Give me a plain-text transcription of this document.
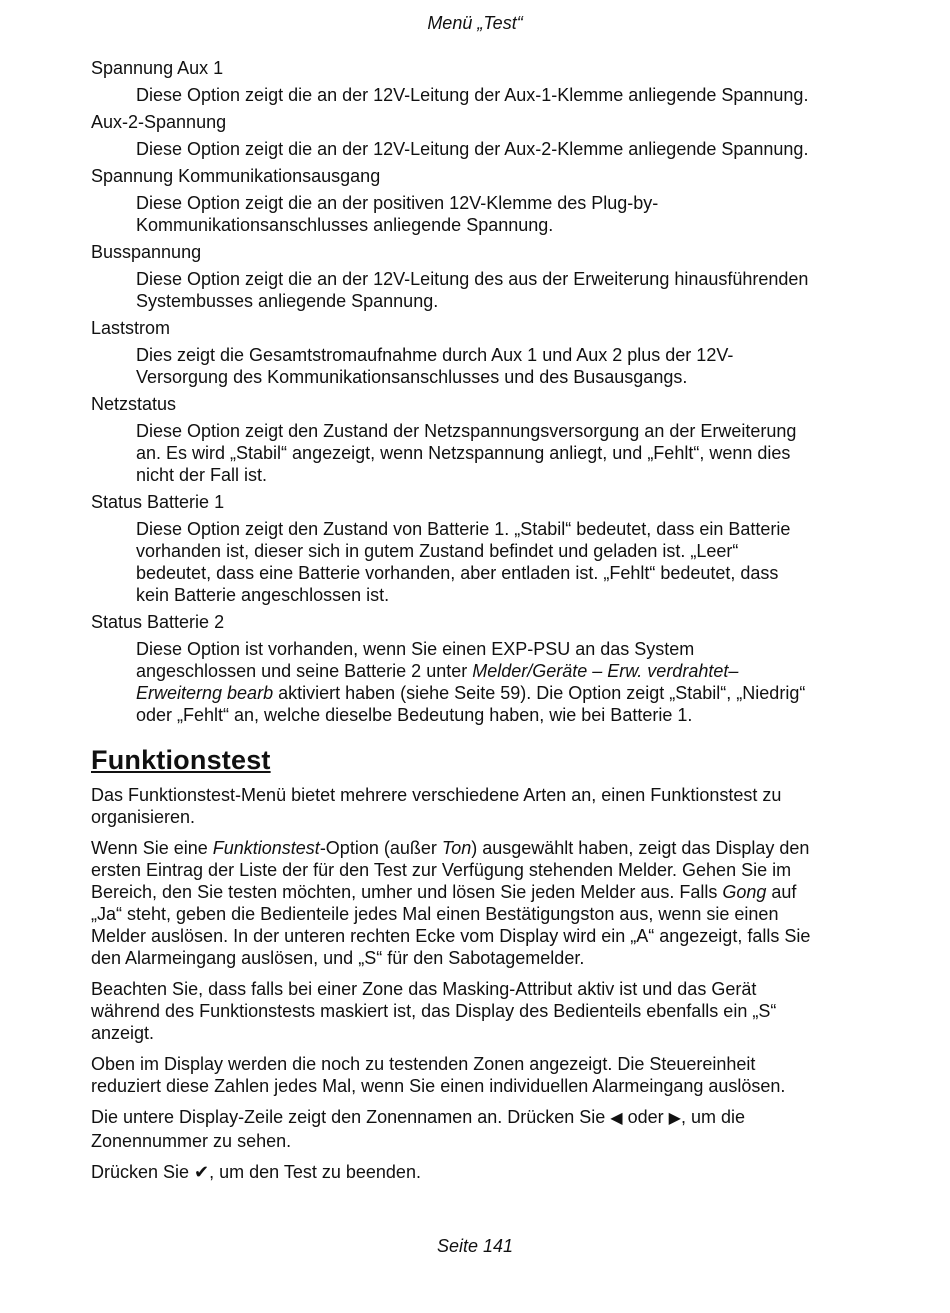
Menü „Test“

Spannung Aux 1

Diese Option zeigt die an der 12V-Leitung der Aux-1-Klemme anliegende Spannung.

Aux-2-Spannung

Diese Option zeigt die an der 12V-Leitung der Aux-2-Klemme anliegende Spannung.

Spannung Kommunikationsausgang

Diese Option zeigt die an der positiven 12V-Klemme des Plug-by-
Kommunikationsanschlusses anliegende Spannung.

Busspannung

Diese Option zeigt die an der 12V-Leitung des aus der Erweiterung hinausführenden
Systembusses anliegende Spannung.

Laststrom

Dies zeigt die Gesamtstromaufnahme durch Aux 1 und Aux 2 plus der 12V-
Versorgung des Kommunikationsanschlusses und des Busausgangs.

Netzstatus

Diese Option zeigt den Zustand der Netzspannungsversorgung an der Erweiterung
an. Es wird „Stabil“ angezeigt, wenn Netzspannung anliegt, und „Fehlt“, wenn dies
nicht der Fall ist.

Status Batterie 1

Diese Option zeigt den Zustand von Batterie 1. „Stabil“ bedeutet, dass ein Batterie
vorhanden ist, dieser sich in gutem Zustand befindet und geladen ist. „Leer“
bedeutet, dass eine Batterie vorhanden, aber entladen ist. „Fehlt“ bedeutet, dass
kein Batterie angeschlossen ist.

Status Batterie 2

Diese Option ist vorhanden, wenn Sie einen EXP-PSU an das System
angeschlossen und seine Batterie 2 unter Melder/Geräte – Erw. verdrahtet–
Erweiterng bearb aktiviert haben (siehe Seite 59). Die Option zeigt „Stabil“, „Niedrig“
oder „Fehlt“ an, welche dieselbe Bedeutung haben, wie bei Batterie 1.
Funktionstest

Das Funktionstest-Menü bietet mehrere verschiedene Arten an, einen Funktionstest zu
organisieren.

Wenn Sie eine Funktionstest-Option (außer Ton) ausgewählt haben, zeigt das Display den
ersten Eintrag der Liste der für den Test zur Verfügung stehenden Melder. Gehen Sie im
Bereich, den Sie testen möchten, umher und lösen Sie jeden Melder aus. Falls Gong auf
„Ja“ steht, geben die Bedienteile jedes Mal einen Bestätigungston aus, wenn sie einen
Melder auslösen. In der unteren rechten Ecke vom Display wird ein „A“ angezeigt, falls Sie
den Alarmeingang auslösen, und „S“ für den Sabotagemelder.

Beachten Sie, dass falls bei einer Zone das Masking-Attribut aktiv ist und das Gerät
während des Funktionstests maskiert ist, das Display des Bedienteils ebenfalls ein „S“
anzeigt.

Oben im Display werden die noch zu testenden Zonen angezeigt. Die Steuereinheit
reduziert diese Zahlen jedes Mal, wenn Sie einen individuellen Alarmeingang auslösen.

Die untere Display-Zeile zeigt den Zonennamen an. Drücken Sie ◀ oder ▶, um die
Zonennummer zu sehen.

Drücken Sie ✔, um den Test zu beenden.

Seite 141
